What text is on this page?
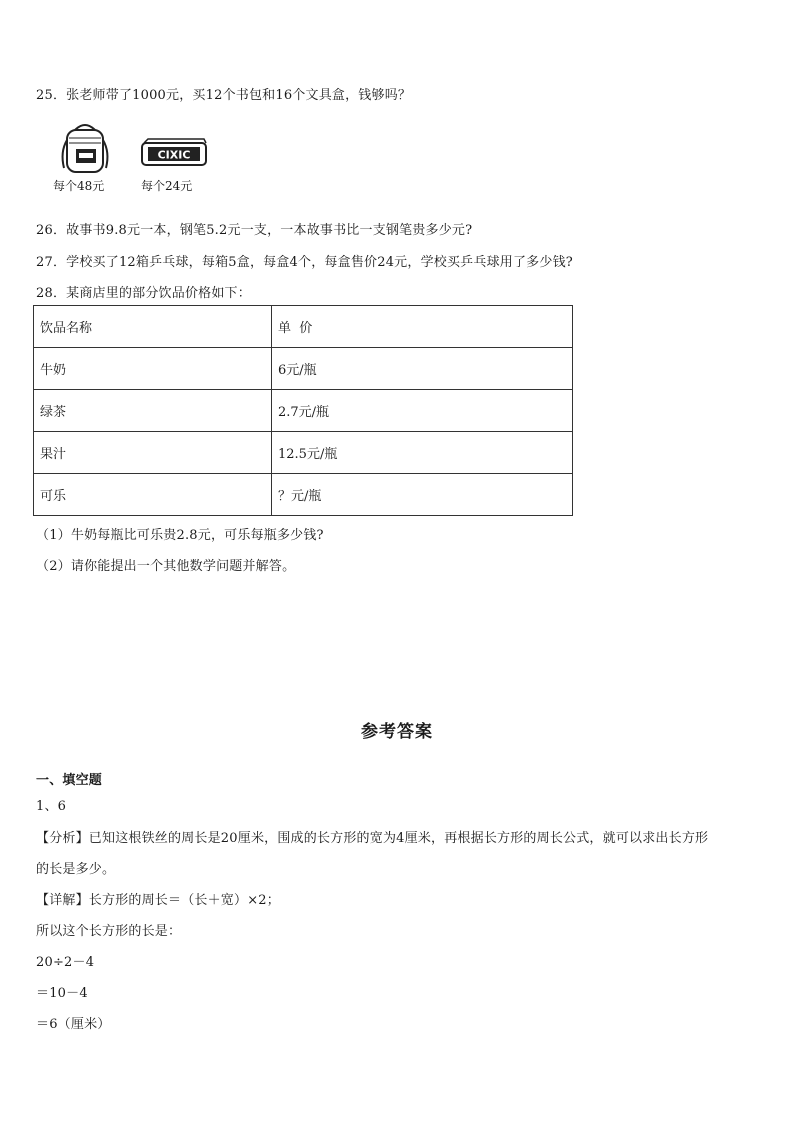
25．张老师带了1000元，买12个书包和16个文具盒，钱够吗？
每个48元
CIXIC
每个24元
26．故事书9.8元一本，钢笔5.2元一支，一本故事书比一支钢笔贵多少元?
27．学校买了12箱乒乓球，每箱5盒，每盒4个，每盒售价24元，学校买乒乓球用了多少钱?
28．某商店里的部分饮品价格如下：
饮品名称	单  价
牛奶	6元/瓶
绿茶	2.7元/瓶
果汁	12.5元/瓶
可乐	？元/瓶
（1）牛奶每瓶比可乐贵2.8元，可乐每瓶多少钱?
（2）请你能提出一个其他数学问题并解答。
参考答案
一、填空题
1、6
【分析】已知这根铁丝的周长是20厘米，围成的长方形的宽为4厘米，再根据长方形的周长公式，就可以求出长方形
的长是多少。
【详解】长方形的周长＝（长＋宽）×2；
所以这个长方形的长是：
20÷2－4
＝10－4
＝6（厘米）
